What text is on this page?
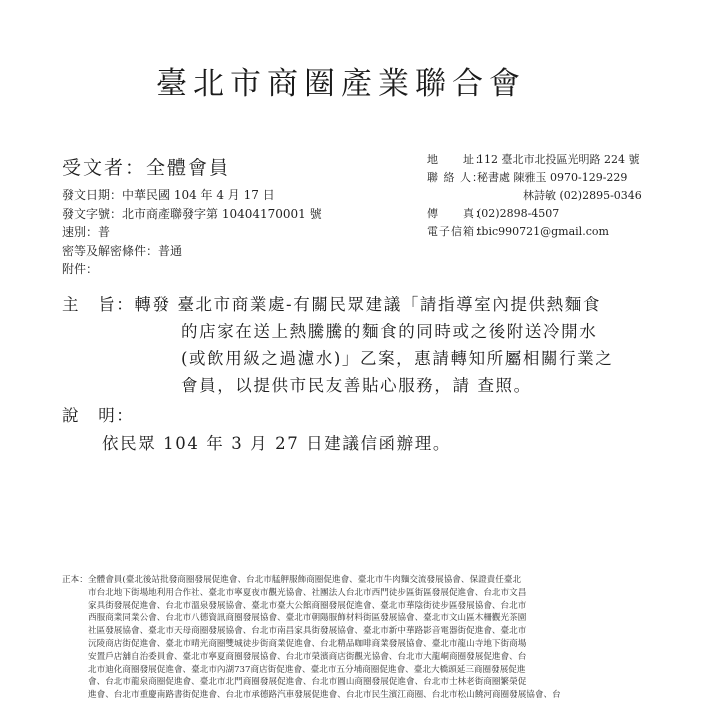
臺北市商圈產業聯合會
受文者：全體會員
發文日期：中華民國 104 年 4 月 17 日
發文字號：北市商產聯發字第 10404170001 號
速別：普
密等及解密條件：普通
附件：
地　　址：112 臺北市北投區光明路 224 號
聯 絡 人：秘書處 陳雅玉 0970-129-229
林詩敏 (02)2895-0346
傳　　真：(02)2898-4507
電子信箱：tbic990721@gmail.com
主　旨：轉發 臺北市商業處-有關民眾建議「請指導室內提供熱麵食
的店家在送上熱騰騰的麵食的同時或之後附送冷開水
(或飲用級之過濾水)」乙案，惠請轉知所屬相關行業之
會員，以提供市民友善貼心服務，請 查照。
說　明：
依民眾 104 年 3 月 27 日建議信函辦理。
正本：全體會員(臺北後站批發商圈發展促進會、台北市艋舺服飾商圈促進會、臺北市牛肉麵交流發展協會、保證責任臺北
市台北地下街場地利用合作社、臺北市寧夏夜市觀光協會、社團法人台北市西門徒步區街區發展促進會、台北市文昌
家具街發展促進會、台北市溫泉發展協會、臺北市臺大公館商圈發展促進會、臺北市華陰街徒步區發展協會、台北市
西服商業同業公會、台北市八德資訊商圈發展協會、臺北市朝陽服飾材料街區發展協會、臺北市文山區木柵觀光茶園
社區發展協會、臺北市天母商圈發展協會、台北市南昌家具街發展協會、臺北市新中華路影音電器街促進會、臺北市
沅陵商店街促進會、臺北市晴光商圈雙城徒步街商業促進會、台北精品咖啡商業發展協會、臺北市龍山寺地下街商場
安置戶店舖自治委員會、臺北市寧夏商圈發展協會、台北市榮濱商店街觀光協會、台北市大龍峒商圈發展促進會、台
北市迪化商圈發展促進會、臺北市內湖737商店街促進會、臺北市五分埔商圈促進會、臺北大橋頭延三商圈發展促進
會、台北市龍泉商圈促進會、臺北市北門商圈發展促進會、台北市圓山商圈發展促進會、台北市士林老街商圈繁榮促
進會、台北市重慶南路書街促進會、台北市承德路汽車發展促進會、台北市民生濱江商圈、台北市松山饒河商圈發展協會、台
